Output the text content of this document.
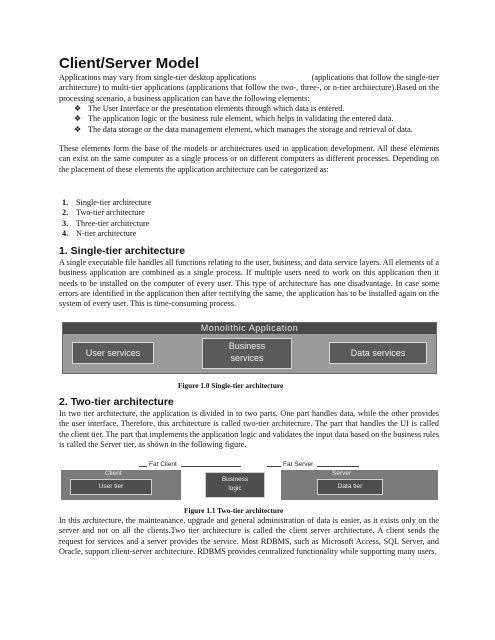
Client/Server Model
Applications may vary from single-tier desktop applications	(applications that follow the single-tier
architecture) to multi-tier applications (applications that follow the two-, three-, or n-tier architecture).Based on the processing scenario, a business application can have the following elements:
❖ The User Interface or the presentation elements through which data is entered.
❖ The application logic or the business rule element, which helps in validating the entered data.
❖ The data storage or the data management element, which manages the storage and retrieval of data.
These elements form the base of the models or architectures used in application development. All these elements can exist on the same computer as a single process or on different computers as different processes. Depending on the placement of these elements the application architecture can be categorized as:
1. Single-tier architecture
2. Two-tier architecture
3. Three-tier architecture
4. N-tier architecture
1. Single-tier architecture
A single executable file handles all functions relating to the user, business, and data service layers. All elements of a business application are combined as a single process. If multiple users need to work on this application then it needs to be installed on the computer of every user. This type of architecture has one disadvantage. In case some errors are identified in the application then after rectifying the same, the application has to be installed again on the system of every user. This is time-consuming process.
Monolithic Application
User services
Business
services	Data services
Figure 1.0 Single-tier architecture
2. Two-tier architecture
In two tier architecture, the application is divided in to two parts. One part handles data, while the other provides the user interface. Therefore, this architecture is called two-tier architecture. The part that handles the UI is called the client tier. The part that implements the application logic and validates the input data based on the business rules is called the Server tier, as shown in the following figure.
Fat Client	Fat Server
Client
User tier
Business
logic
Server
Data tier
Figure 1.1 Two-tier architecture
In this architecture, the mainteanance, upgrade and general administration of data is easier, as it exists only on the server and not on all the clients.Two tier architecture is called the client server architecture. A client sends the request for services and a server provides the service. Most RDBMS, such as Microsoft Access, SQL Server, and Oracle, support client-server architecture. RDBMS provides centralized functionality while supporting many users.
